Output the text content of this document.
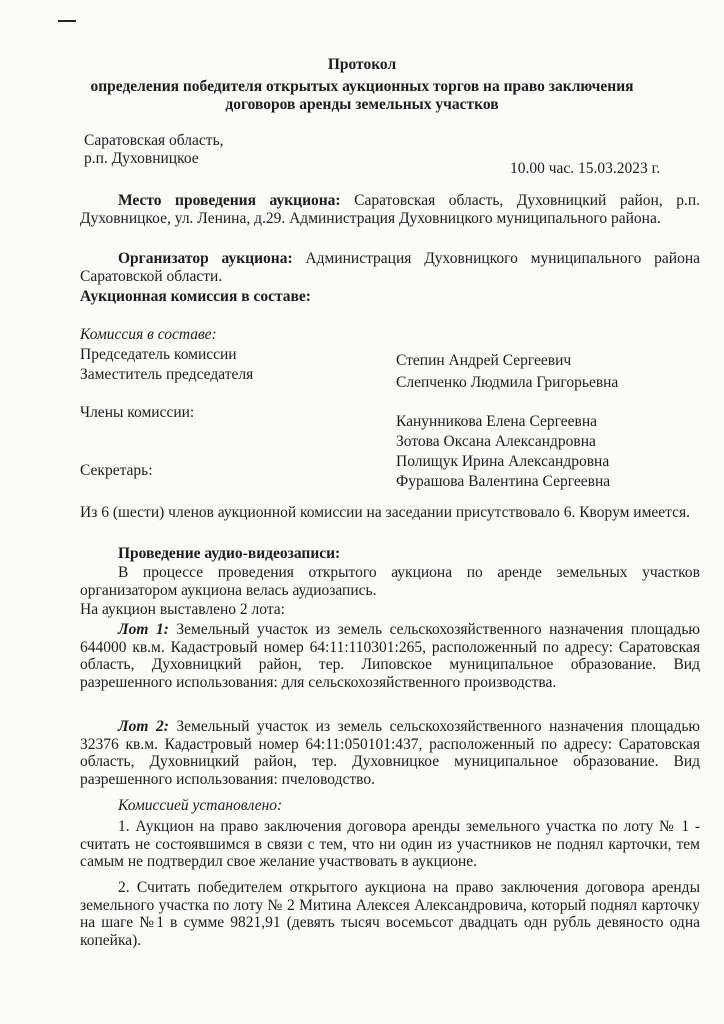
Протокол
определения победителя открытых аукционных торгов на право заключения
договоров аренды земельных участков
Саратовская область,
р.п. Духовницкое
10.00 час. 15.03.2023 г.
Место проведения аукциона: Саратовская область, Духовницкий район, р.п. Духовницкое, ул. Ленина, д.29. Администрация Духовницкого муниципального района.
Организатор аукциона: Администрация Духовницкого муниципального района Саратовской области.
Аукционная комиссия в составе:
Комиссия в составе:
Председатель комиссии	Степин Андрей Сергеевич
Заместитель председателя	Слепченко Людмила Григорьевна
Члены комиссии:
Канунникова Елена Сергеевна
Зотова Оксана Александровна
Полищук Ирина Александровна
Секретарь:
Фурашова Валентина Сергеевна
Из 6 (шести) членов аукционной комиссии на заседании присутствовало 6. Кворум имеется.
Проведение аудио-видеозаписи:
В процессе проведения открытого аукциона по аренде земельных участков организатором аукциона велась аудиозапись.
На аукцион выставлено 2 лота:
Лот 1: Земельный участок из земель сельскохозяйственного назначения площадью 644000 кв.м. Кадастровый номер 64:11:110301:265, расположенный по адресу: Саратовская область, Духовницкий район, тер. Липовское муниципальное образование. Вид разрешенного использования: для сельскохозяйственного производства.
Лот 2: Земельный участок из земель сельскохозяйственного назначения площадью 32376 кв.м. Кадастровый номер 64:11:050101:437, расположенный по адресу: Саратовская область, Духовницкий район, тер. Духовницкое муниципальное образование. Вид разрешенного использования: пчеловодство.
Комиссией установлено:
1. Аукцион на право заключения договора аренды земельного участка по лоту № 1 - считать не состоявшимся в связи с тем, что ни один из участников не поднял карточки, тем самым не подтвердил свое желание участвовать в аукционе.
2. Считать победителем открытого аукциона на право заключения договора аренды земельного участка по лоту № 2 Митина Алексея Александровича, который поднял карточку на шаге №1 в сумме 9821,91 (девять тысяч восемьсот двадцать одн рубль девяносто одна копейка).
